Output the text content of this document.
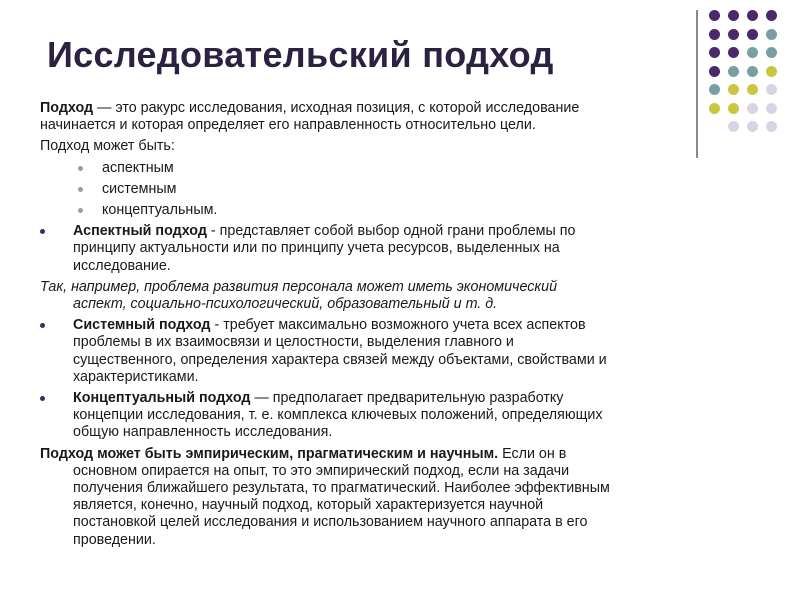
Исследовательский подход
Подход — это ракурс исследования, исходная позиция, с которой исследование
начинается и которая определяет его направленность относительно цели.
Подход может быть:
аспектным
системным
концептуальным.
Аспектный подход - представляет собой выбор одной грани проблемы по
принципу актуальности или по принципу учета ресурсов, выделенных на
исследование.
Так, например, проблема развития персонала может иметь экономический
аспект, социально-психологический, образовательный и т. д.
Системный подход - требует максимально возможного учета всех аспектов
проблемы в их взаимосвязи и целостности, выделения главного и
существенного, определения характера связей между объектами, свойствами и
характеристиками.
Концептуальный подход — предполагает предварительную разработку
концепции исследования, т. е. комплекса ключевых положений, определяющих
общую направленность исследования.
Подход может быть эмпирическим, прагматическим и научным. Если он в
основном опирается на опыт, то это эмпирический подход, если на задачи
получения ближайшего результата, то прагматический. Наиболее эффективным
является, конечно, научный подход, который характеризуется научной
постановкой целей исследования и использованием научного аппарата в его
проведении.
